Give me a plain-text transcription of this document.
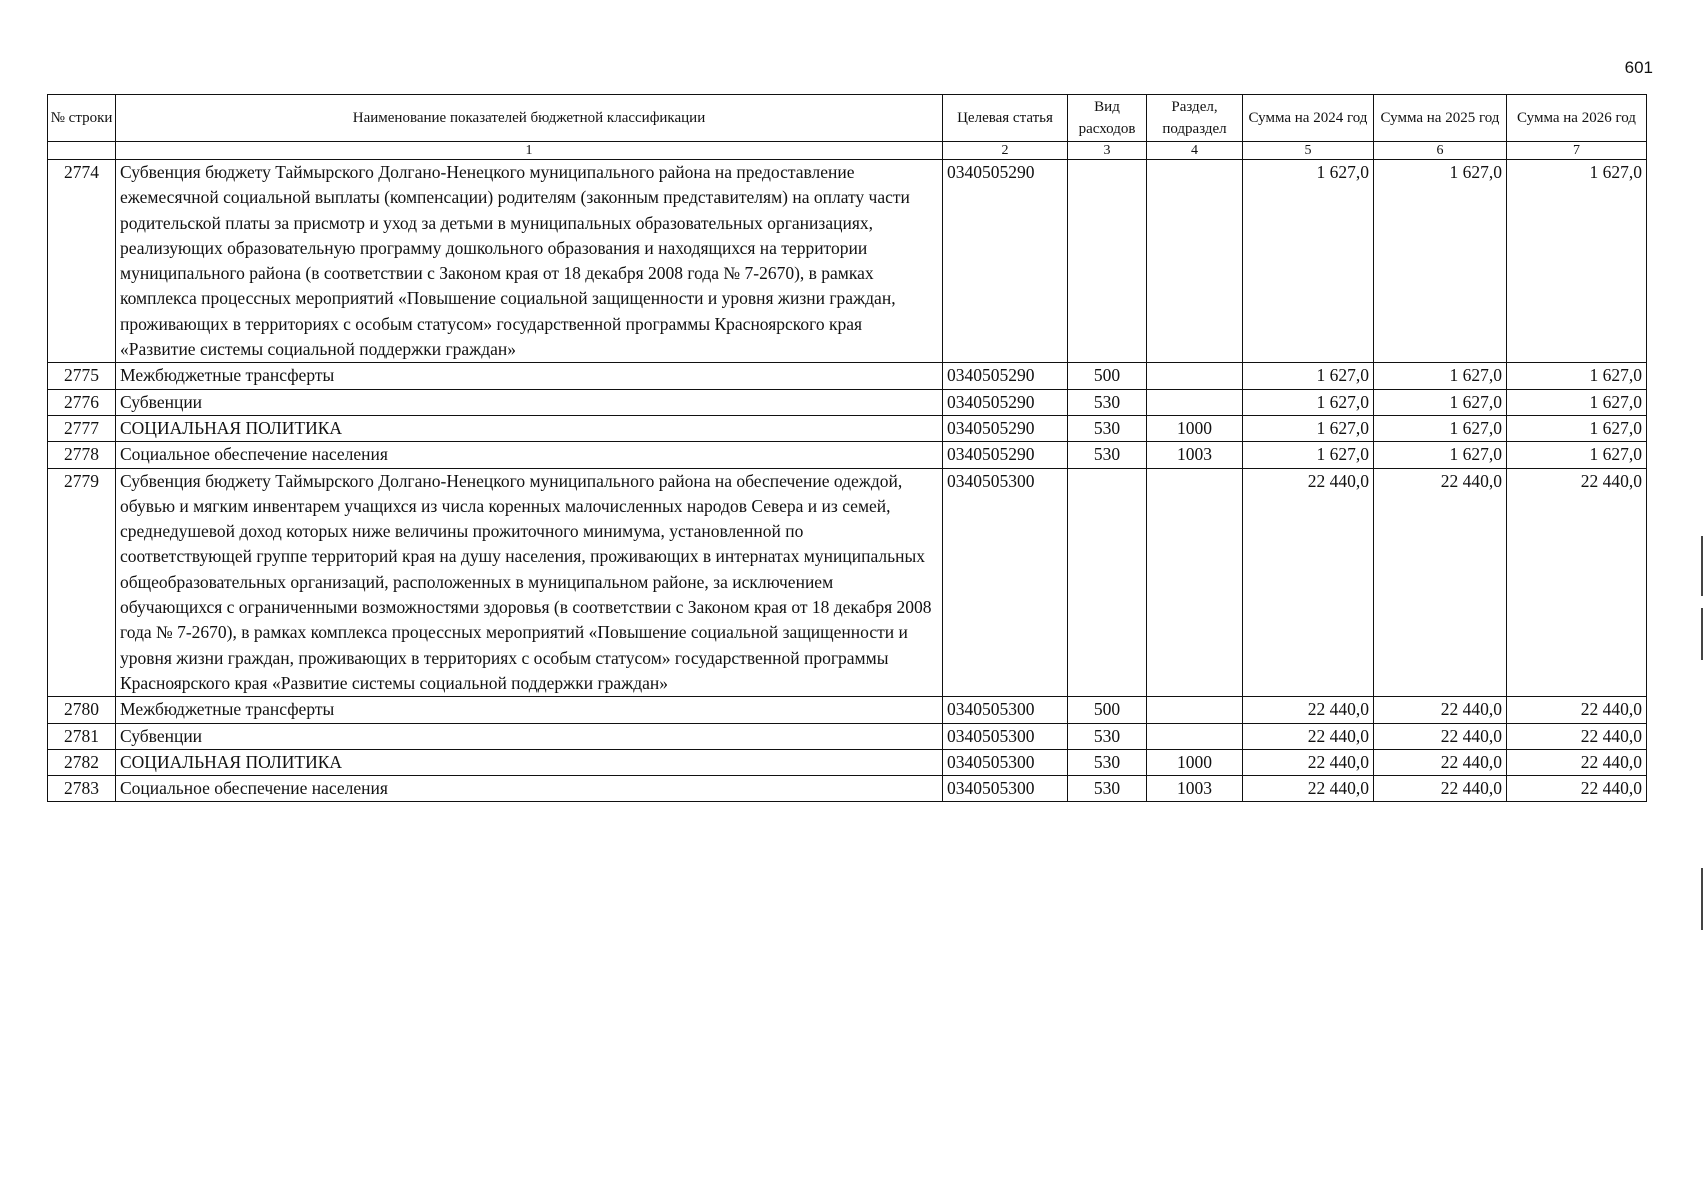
601
№ строки	Наименование показателей бюджетной классификации	Целевая статья	Вид расходов	Раздел, подраздел	Сумма на 2024 год	Сумма на 2025 год	Сумма на 2026 год
	1	2	3	4	5	6	7
2774	Субвенция бюджету Таймырского Долгано-Ненецкого муниципального района на предоставление ежемесячной социальной выплаты (компенсации) родителям (законным представителям) на оплату части родительской платы за присмотр и уход за детьми в муниципальных образовательных организациях, реализующих образовательную программу дошкольного образования и находящихся на территории муниципального района (в соответствии с Законом края от 18 декабря 2008 года № 7-2670), в рамках комплекса процессных мероприятий «Повышение социальной защищенности и уровня жизни граждан, проживающих в территориях с особым статусом» государственной программы Красноярского края «Развитие системы социальной поддержки граждан»	0340505290			1 627,0	1 627,0	1 627,0
2775	Межбюджетные трансферты	0340505290	500		1 627,0	1 627,0	1 627,0
2776	Субвенции	0340505290	530		1 627,0	1 627,0	1 627,0
2777	СОЦИАЛЬНАЯ ПОЛИТИКА	0340505290	530	1000	1 627,0	1 627,0	1 627,0
2778	Социальное обеспечение населения	0340505290	530	1003	1 627,0	1 627,0	1 627,0
2779	Субвенция бюджету Таймырского Долгано-Ненецкого муниципального района на обеспечение одеждой, обувью и мягким инвентарем учащихся из числа коренных малочисленных народов Севера и из семей, среднедушевой доход которых ниже величины прожиточного минимума, установленной по соответствующей группе территорий края на душу населения, проживающих в интернатах муниципальных общеобразовательных организаций, расположенных в муниципальном районе, за исключением обучающихся с ограниченными возможностями здоровья (в соответствии с Законом края от 18 декабря 2008 года № 7-2670), в рамках комплекса процессных мероприятий «Повышение социальной защищенности и уровня жизни граждан, проживающих в территориях с особым статусом» государственной программы Красноярского края «Развитие системы социальной поддержки граждан»	0340505300			22 440,0	22 440,0	22 440,0
2780	Межбюджетные трансферты	0340505300	500		22 440,0	22 440,0	22 440,0
2781	Субвенции	0340505300	530		22 440,0	22 440,0	22 440,0
2782	СОЦИАЛЬНАЯ ПОЛИТИКА	0340505300	530	1000	22 440,0	22 440,0	22 440,0
2783	Социальное обеспечение населения	0340505300	530	1003	22 440,0	22 440,0	22 440,0
